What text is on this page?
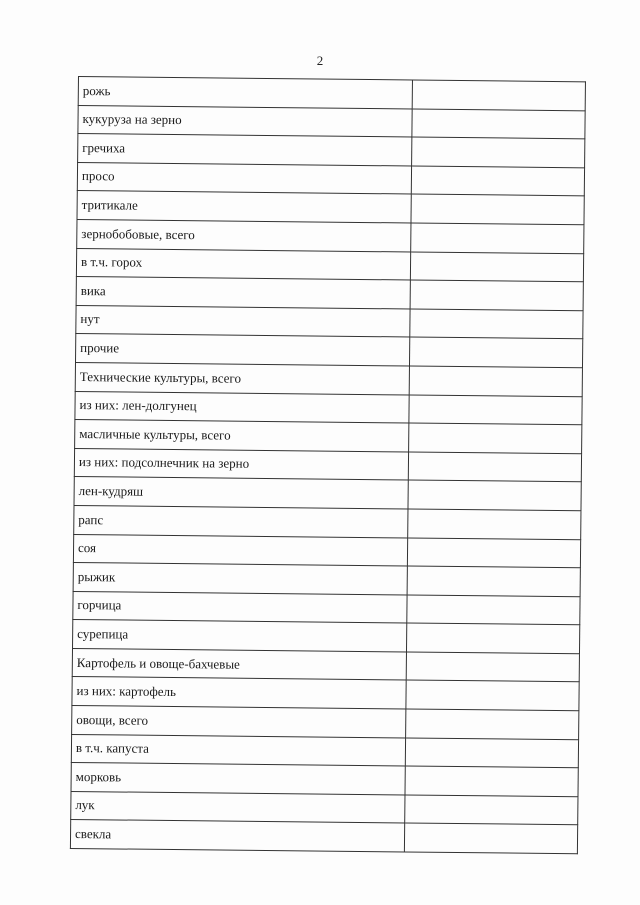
2
рожь	
кукуруза на зерно	
гречиха	
просо	
тритикале	
зернобобовые, всего	
в т.ч. горох	
вика	
нут	
прочие	
Технические культуры, всего	
из них: лен-долгунец	
масличные культуры, всего	
из них: подсолнечник на зерно	
лен-кудряш	
рапс	
соя	
рыжик	
горчица	
сурепица	
Картофель и овоще-бахчевые	
из них: картофель	
овощи, всего	
в т.ч. капуста	
морковь	
лук	
свекла	
